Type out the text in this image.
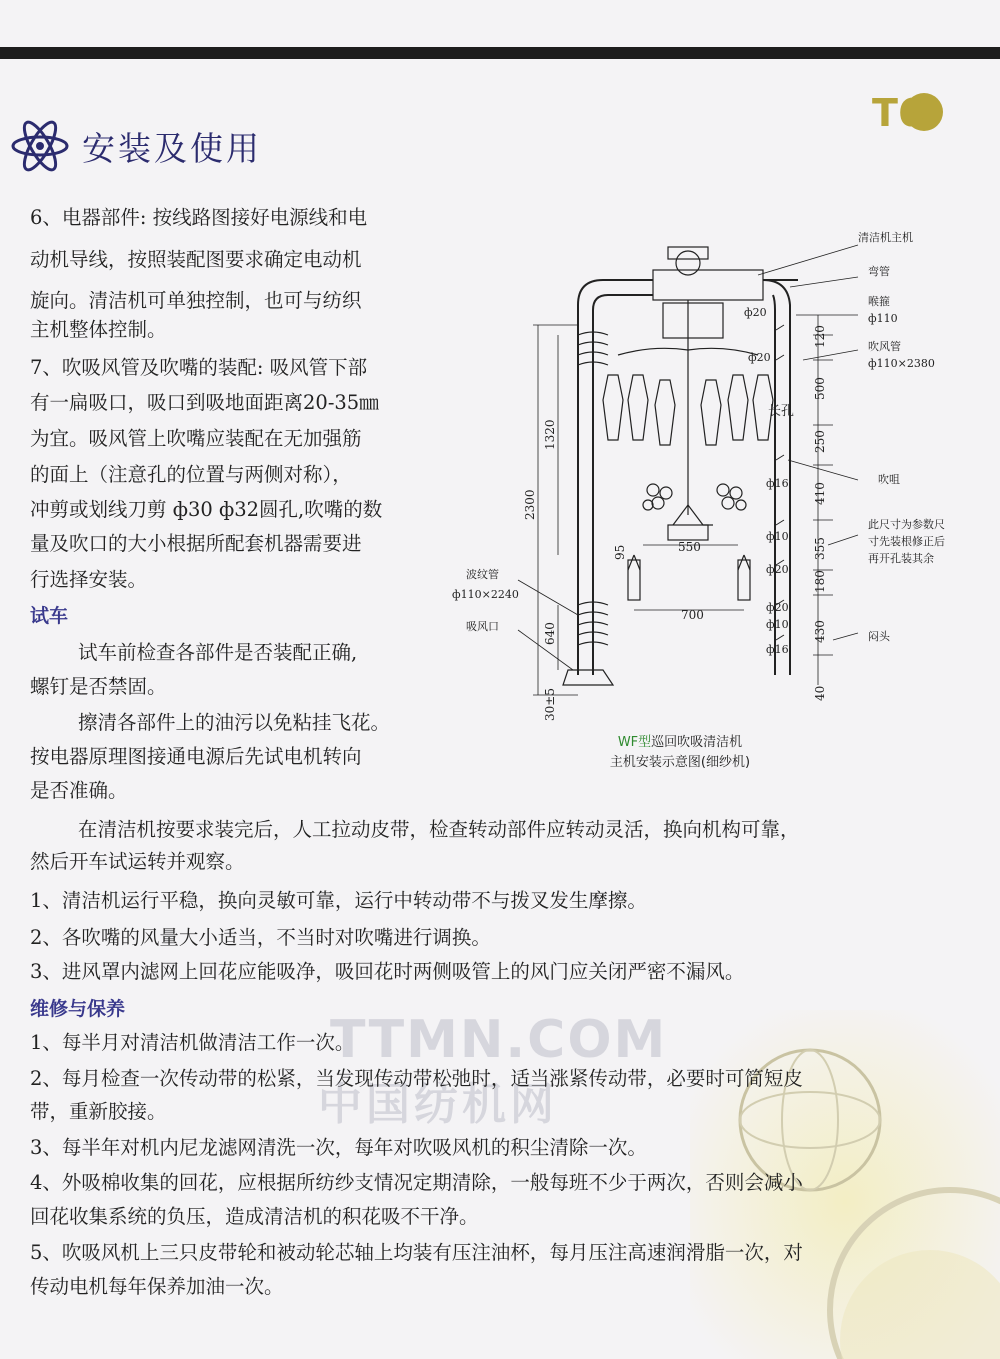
T6
安装及使用
6、电器部件: 按线路图接好电源线和电
动机导线，按照装配图要求确定电动机
旋向。清洁机可单独控制，也可与纺织
主机整体控制。
7、吹吸风管及吹嘴的装配: 吸风管下部
有一扁吸口，吸口到吸地面距离20-35㎜
为宜。吸风管上吹嘴应装配在无加强筋
的面上（注意孔的位置与两侧对称），
冲剪或划线刀剪 ф30 ф32圆孔,吹嘴的数
量及吹口的大小根据所配套机器需要进
行选择安装。
试车
试车前检查各部件是否装配正确,
螺钉是否禁固。
擦清各部件上的油污以免粘挂飞花。
按电器原理图接通电源后先试电机转向
是否准确。
在清洁机按要求装完后，人工拉动皮带，检查转动部件应转动灵活，换向机构可靠，
然后开车试运转并观察。
1、清洁机运行平稳，换向灵敏可靠，运行中转动带不与拨叉发生摩擦。
2、各吹嘴的风量大小适当，不当时对吹嘴进行调换。
3、进风罩内滤网上回花应能吸净，吸回花时两侧吸管上的风门应关闭严密不漏风。
TTMN.COM
中国纺机网
维修与保养
1、每半月对清洁机做清洁工作一次。
2、每月检查一次传动带的松紧，当发现传动带松弛时，适当涨紧传动带，必要时可简短皮
带，重新胶接。
3、每半年对机内尼龙滤网清洗一次，每年对吹吸风机的积尘清除一次。
4、外吸棉收集的回花，应根据所纺纱支情况定期清除，一般每班不少于两次，否则会减小
回花收集系统的负压，造成清洁机的积花吸不干净。
5、吹吸风机上三只皮带轮和被动轮芯轴上均装有压注油杯，每月压注高速润滑脂一次，对
传动电机每年保养加油一次。
清洁机主机
弯管
喉箍
ф110
吹风管
ф110×2380
吹咀
此尺寸为参数尺
寸先装根修正后
再开孔装其余
闷头
波纹管
ф110×2240
吸风口
ф20
ф20
ф16
ф10
ф20
ф20
ф10
ф16
长孔
120
500
250
410
355
180
430
40
1320
2300
640
30±5
95	550
700
WF型巡回吹吸清洁机
主机安装示意图(细纱机)
